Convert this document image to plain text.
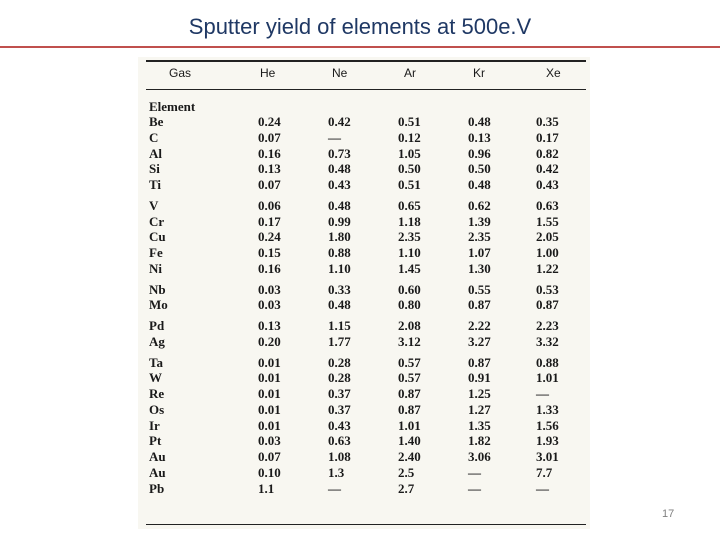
Sputter yield of elements at 500e.V
Gas	He	Ne	Ar	Kr	Xe
Element
Be	0.24	0.42	0.51	0.48	0.35
C	0.07	—	0.12	0.13	0.17
Al	0.16	0.73	1.05	0.96	0.82
Si	0.13	0.48	0.50	0.50	0.42
Ti	0.07	0.43	0.51	0.48	0.43
V	0.06	0.48	0.65	0.62	0.63
Cr	0.17	0.99	1.18	1.39	1.55
Cu	0.24	1.80	2.35	2.35	2.05
Fe	0.15	0.88	1.10	1.07	1.00
Ni	0.16	1.10	1.45	1.30	1.22
Nb	0.03	0.33	0.60	0.55	0.53
Mo	0.03	0.48	0.80	0.87	0.87
Pd	0.13	1.15	2.08	2.22	2.23
Ag	0.20	1.77	3.12	3.27	3.32
Ta	0.01	0.28	0.57	0.87	0.88
W	0.01	0.28	0.57	0.91	1.01
Re	0.01	0.37	0.87	1.25	—
Os	0.01	0.37	0.87	1.27	1.33
Ir	0.01	0.43	1.01	1.35	1.56
Pt	0.03	0.63	1.40	1.82	1.93
Au	0.07	1.08	2.40	3.06	3.01
Au	0.10	1.3	2.5	—	7.7
Pb	1.1	—	2.7	—	—
17
